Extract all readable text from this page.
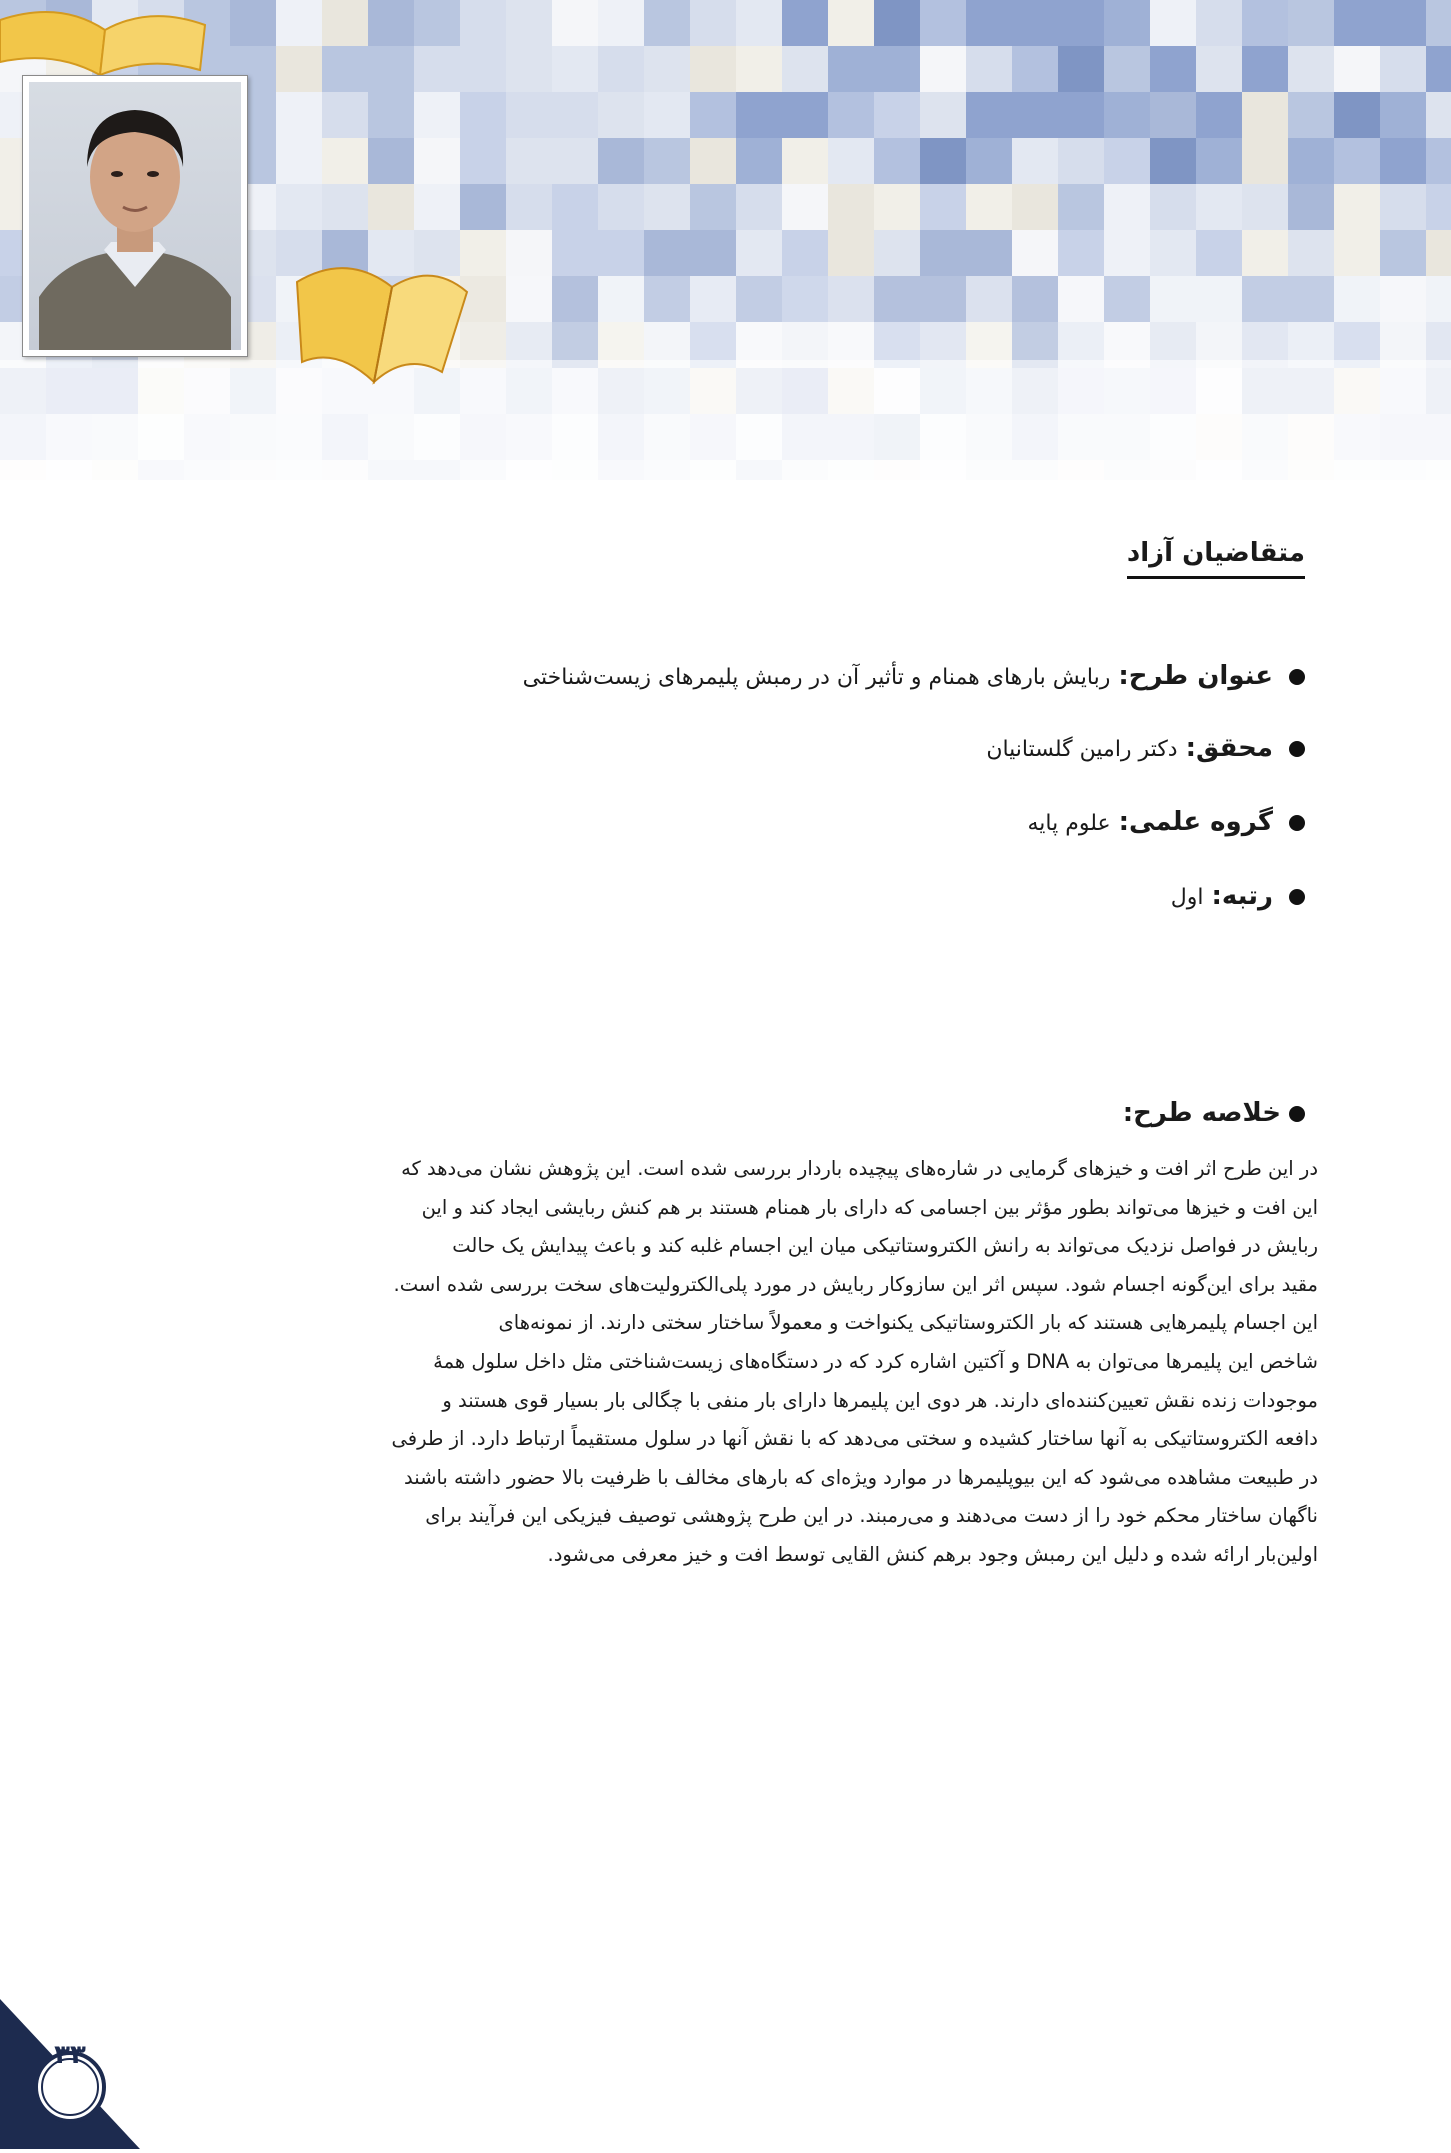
متقاضیان آزاد
عنوان طرح:
ربایش بارهای همنام و تأثیر آن در رمبش پلیمرهای زیست‌شناختی
محقق:
دکتر رامین گلستانیان
گروه علمی:
علوم پایه
رتبه:
اول
خلاصه طرح:
در این طرح اثر افت و خیزهای گرمایی در شاره‌های پیچیده باردار بررسی شده است. این پژوهش نشان می‌دهد که
این افت و خیزها می‌تواند بطور مؤثر بین اجسامی که دارای بار همنام هستند بر هم کنش ربایشی ایجاد کند و این
ربایش در فواصل نزدیک می‌تواند به رانش الکتروستاتیکی میان این اجسام غلبه کند و باعث پیدایش یک حالت
مقید برای این‌گونه اجسام شود. سپس اثر این سازوکار ربایش در مورد پلی‌الکترولیت‌های سخت بررسی شده است.
این اجسام پلیمرهایی هستند که بار الکتروستاتیکی یکنواخت و معمولاً ساختار سختی دارند. از نمونه‌های
شاخص این پلیمرها می‌توان به DNA و آکتین اشاره کرد که در دستگاه‌های زیست‌شناختی مثل داخل سلول همهٔ
موجودات زنده نقش تعیین‌کننده‌ای دارند. هر دوی این پلیمرها دارای بار منفی با چگالی بار بسیار قوی هستند و
دافعه الکتروستاتیکی به آنها ساختار کشیده و سختی می‌دهد که با نقش آنها در سلول مستقیماً ارتباط دارد. از طرفی
در طبیعت مشاهده می‌شود که این بیوپلیمرها در موارد ویژه‌ای که بارهای مخالف با ظرفیت بالا حضور داشته باشند
ناگهان ساختار محکم خود را از دست می‌دهند و می‌رمبند. در این طرح پژوهشی توصیف فیزیکی این فرآیند برای
اولین‌بار ارائه شده و دلیل این رمبش وجود برهم کنش القایی توسط افت و خیز معرفی می‌شود.
۳۳
